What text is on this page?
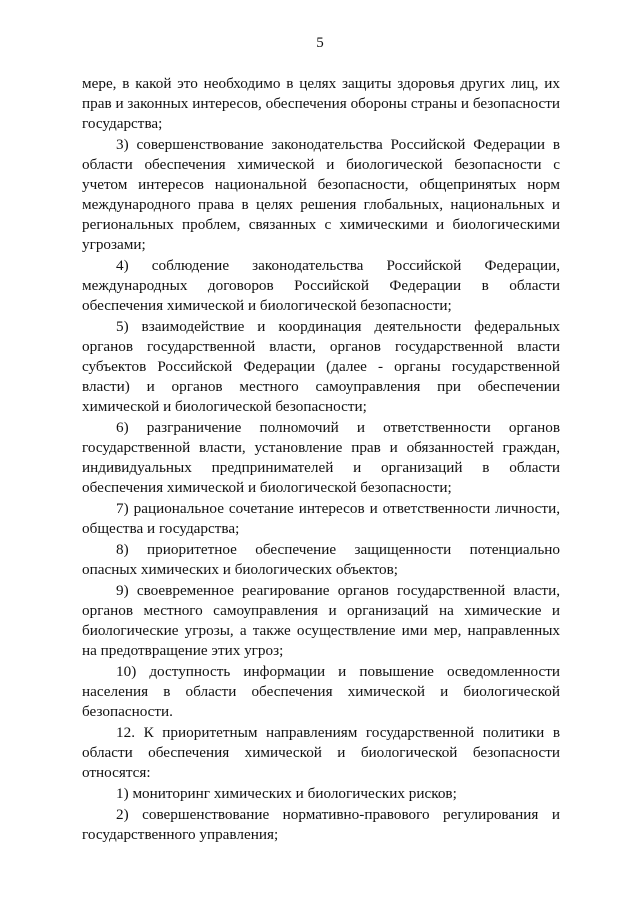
5

мере, в какой это необходимо в целях защиты здоровья других лиц, их прав и законных интересов, обеспечения обороны страны и безопасности государства;

3) совершенствование законодательства Российской Федерации в области обеспечения химической и биологической безопасности с учетом интересов национальной безопасности, общепринятых норм международного права в целях решения глобальных, национальных и региональных проблем, связанных с химическими и биологическими угрозами;

4) соблюдение законодательства Российской Федерации, международных договоров Российской Федерации в области обеспечения химической и биологической безопасности;

5) взаимодействие и координация деятельности федеральных органов государственной власти, органов государственной власти субъектов Российской Федерации (далее - органы государственной власти) и органов местного самоуправления при обеспечении химической и биологической безопасности;

6) разграничение полномочий и ответственности органов государственной власти, установление прав и обязанностей граждан, индивидуальных предпринимателей и организаций в области обеспечения химической и биологической безопасности;

7) рациональное сочетание интересов и ответственности личности, общества и государства;

8) приоритетное обеспечение защищенности потенциально опасных химических и биологических объектов;

9) своевременное реагирование органов государственной власти, органов местного самоуправления и организаций на химические и биологические угрозы, а также осуществление ими мер, направленных на предотвращение этих угроз;

10) доступность информации и повышение осведомленности населения в области обеспечения химической и биологической безопасности.

12. К приоритетным направлениям государственной политики в области обеспечения химической и биологической безопасности относятся:

1) мониторинг химических и биологических рисков;

2) совершенствование нормативно-правового регулирования и государственного управления;
